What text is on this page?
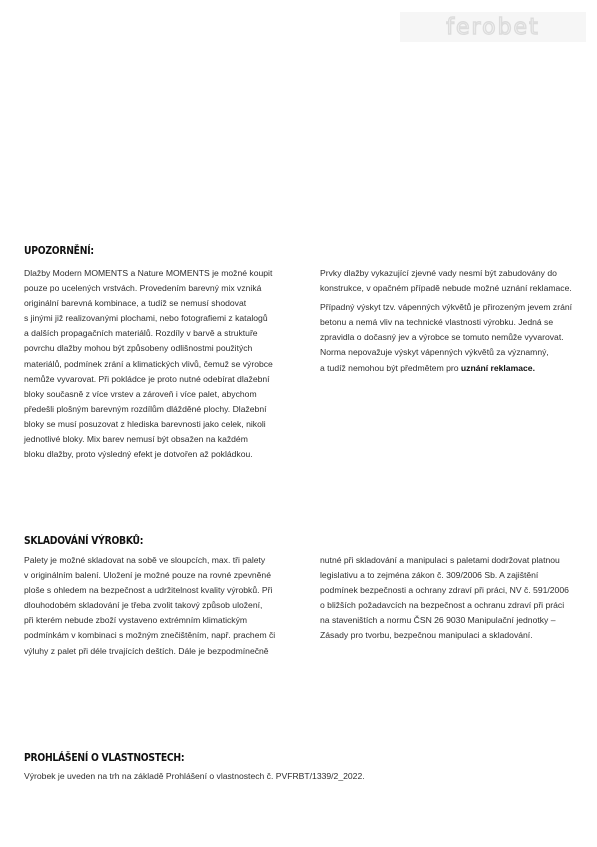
ferobet
UPOZORNĚNÍ:

Dlažby Modern MOMENTS a Nature MOMENTS je možné koupit
pouze po ucelených vrstvách. Provedením barevný mix vzniká
originální barevná kombinace, a tudíž se nemusí shodovat
s jinými již realizovanými plochami, nebo fotografiemi z katalogů
a dalších propagačních materiálů. Rozdíly v barvě a struktuře
povrchu dlažby mohou být způsobeny odlišnostmi použitých
materiálů, podmínek zrání a klimatických vlivů, čemuž se výrobce
nemůže vyvarovat. Při pokládce je proto nutné odebírat dlažební
bloky současně z více vrstev a zároveň i více palet, abychom
předešli plošným barevným rozdílům dlážděné plochy. Dlažební
bloky se musí posuzovat z hlediska barevnosti jako celek, nikoli
jednotlivé bloky. Mix barev nemusí být obsažen na každém
bloku dlažby, proto výsledný efekt je dotvořen až pokládkou.

Prvky dlažby vykazující zjevné vady nesmí být zabudovány do
konstrukce, v opačném případě nebude možné uznání reklamace.

Případný výskyt tzv. vápenných výkvětů je přirozeným jevem zrání
betonu a nemá vliv na technické vlastnosti výrobku. Jedná se
zpravidla o dočasný jev a výrobce se tomuto nemůže vyvarovat.
Norma nepovažuje výskyt vápenných výkvětů za významný,
a tudíž nemohou být předmětem pro uznání reklamace.

SKLADOVÁNÍ VÝROBKŮ:

Palety je možné skladovat na sobě ve sloupcích, max. tři palety
v originálním balení. Uložení je možné pouze na rovné zpevněné
ploše s ohledem na bezpečnost a udržitelnost kvality výrobků. Při
dlouhodobém skladování je třeba zvolit takový způsob uložení,
při kterém nebude zboží vystaveno extrémním klimatickým
podmínkám v kombinaci s možným znečištěním, např. prachem či
výluhy z palet při déle trvajících deštích. Dále je bezpodmínečně

nutné při skladování a manipulaci s paletami dodržovat platnou
legislativu a to zejména zákon č. 309/2006 Sb. A zajištění
podmínek bezpečnosti a ochrany zdraví při práci, NV č. 591/2006
o bližších požadavcích na bezpečnost a ochranu zdraví při práci
na staveništích a normu ČSN 26 9030 Manipulační jednotky –
Zásady pro tvorbu, bezpečnou manipulaci a skladování.

PROHLÁŠENÍ O VLASTNOSTECH:

Výrobek je uveden na trh na základě Prohlášení o vlastnostech č. PVFRBT/1339/2_2022.
